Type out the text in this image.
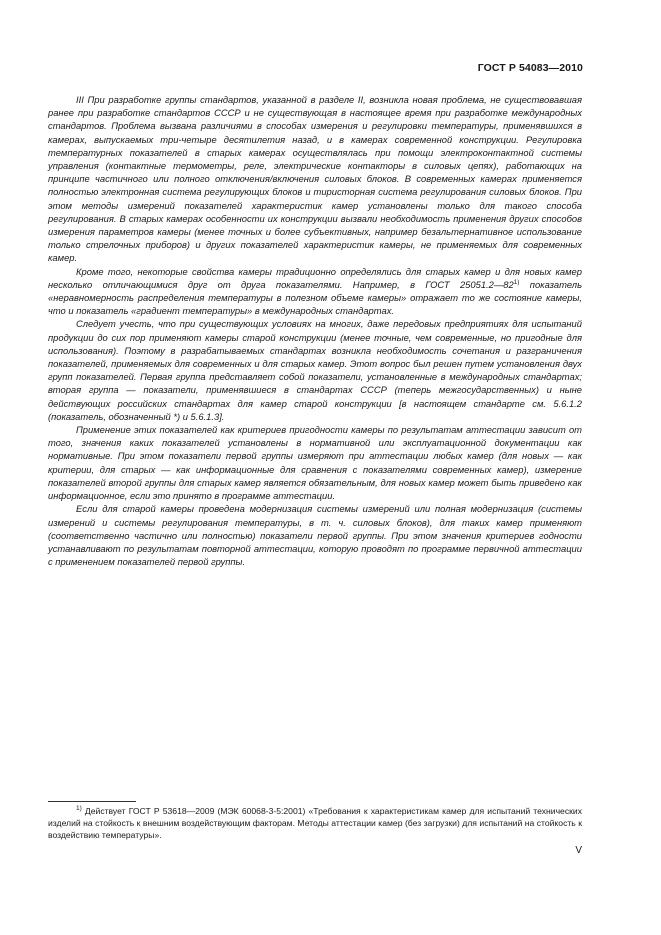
ГОСТ Р 54083—2010

III При разработке группы стандартов, указанной в разделе II, возникла новая проблема, не существовавшая ранее при разработке стандартов СССР и не существующая в настоящее время при разработке международных стандартов. Проблема вызвана различиями в способах измерения и регулировки температуры, применявшихся в камерах, выпускаемых три-четыре десятилетия назад, и в камерах современной конструкции. Регулировка температурных показателей в старых камерах осуществлялась при помощи электроконтактной системы управления (контактные термометры, реле, электрические контакторы в силовых цепях), работающих на принципе частичного или полного отключения/включения силовых блоков. В современных камерах применяется полностью электронная система регулирующих блоков и тиристорная система регулирования силовых блоков. При этом методы измерений показателей характеристик камер установлены только для такого способа регулирования. В старых камерах особенности их конструкции вызвали необходимость применения других способов измерения параметров камеры (менее точных и более субъективных, например безальтернативное использование только стрелочных приборов) и других показателей характеристик камеры, не применяемых для современных камер.

Кроме того, некоторые свойства камеры традиционно определялись для старых камер и для новых камер несколько отличающимися друг от друга показателями. Например, в ГОСТ 25051.2—82$^{1)}$ показатель «неравномерность распределения температуры в полезном объеме камеры» отражает то же состояние камеры, что и показатель «градиент температуры» в международных стандартах.

Следует учесть, что при существующих условиях на многих, даже передовых предприятиях для испытаний продукции до сих пор применяют камеры старой конструкции (менее точные, чем современные, но пригодные для использования). Поэтому в разрабатываемых стандартах возникла необходимость сочетания и разграничения показателей, применяемых для современных и для старых камер. Этот вопрос был решен путем установления двух групп показателей. Первая группа представляет собой показатели, установленные в международных стандартах; вторая группа — показатели, применявшиеся в стандартах СССР (теперь межгосударственных) и ныне действующих российских стандартах для камер старой конструкции [в настоящем стандарте см. 5.6.1.2 (показатель, обозначенный *) и 5.6.1.3].

Применение этих показателей как критериев пригодности камеры по результатам аттестации зависит от того, значения каких показателей установлены в нормативной или эксплуатационной документации как нормативные. При этом показатели первой группы измеряют при аттестации любых камер (для новых — как критерии, для старых — как информационные для сравнения с показателями современных камер), измерение показателей второй группы для старых камер является обязательным, для новых камер может быть приведено как информационное, если это принято в программе аттестации.

Если для старой камеры проведена модернизация системы измерений или полная модернизация (системы измерений и системы регулирования температуры, в т. ч. силовых блоков), для таких камер применяют (соответственно частично или полностью) показатели первой группы. При этом значения критериев годности устанавливают по результатам повторной аттестации, которую проводят по программе первичной аттестации с применением показателей первой группы.

$^{1)}$ Действует ГОСТ Р 53618—2009 (МЭК 60068-3-5:2001) «Требования к характеристикам камер для испытаний технических изделий на стойкость к внешним воздействующим факторам. Методы аттестации камер (без загрузки) для испытаний на стойкость к воздействию температуры».
V
